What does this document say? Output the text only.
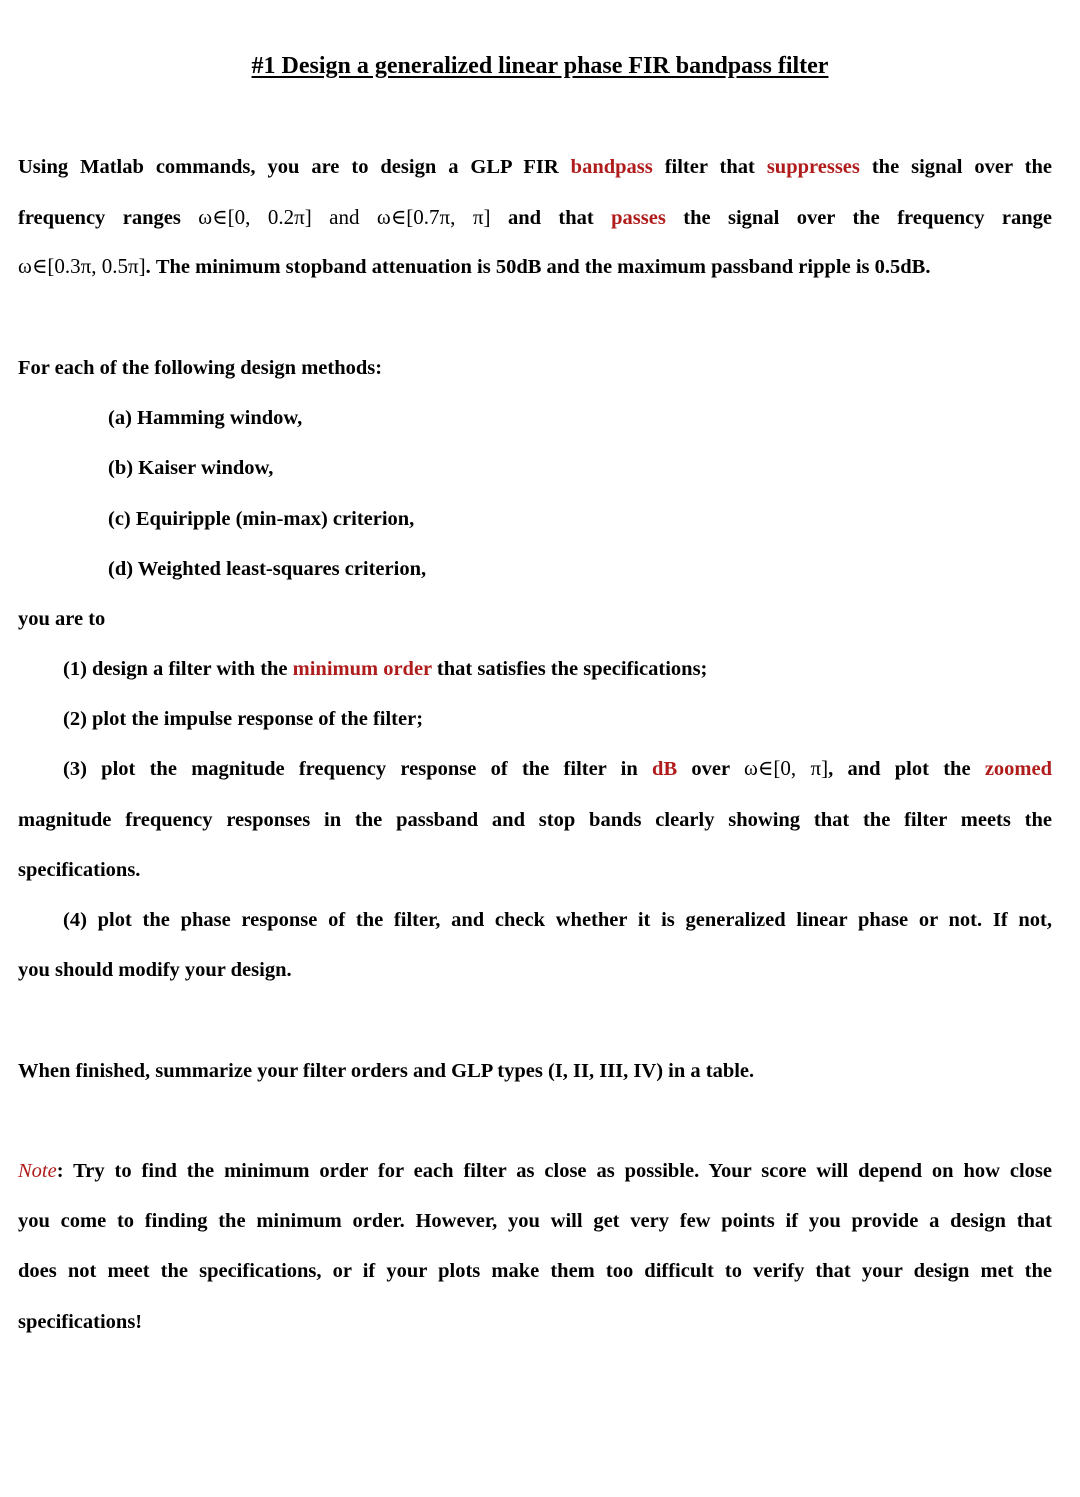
#1 Design a generalized linear phase FIR bandpass filter
Using Matlab commands, you are to design a GLP FIR bandpass filter that suppresses the signal over the
frequency ranges ω∈[0, 0.2π] and ω∈[0.7π, π] and that passes the signal over the frequency range
ω∈[0.3π, 0.5π]. The minimum stopband attenuation is 50dB and the maximum passband ripple is 0.5dB.
For each of the following design methods:
(a) Hamming window,
(b) Kaiser window,
(c) Equiripple (min-max) criterion,
(d) Weighted least-squares criterion,
you are to
(1) design a filter with the minimum order that satisfies the specifications;
(2) plot the impulse response of the filter;
(3) plot the magnitude frequency response of the filter in dB over ω∈[0, π], and plot the zoomed
magnitude frequency responses in the passband and stop bands clearly showing that the filter meets the
specifications.
(4) plot the phase response of the filter, and check whether it is generalized linear phase or not. If not,
you should modify your design.
When finished, summarize your filter orders and GLP types (I, II, III, IV) in a table.
Note: Try to find the minimum order for each filter as close as possible. Your score will depend on how close
you come to finding the minimum order. However, you will get very few points if you provide a design that
does not meet the specifications, or if your plots make them too difficult to verify that your design met the
specifications!
